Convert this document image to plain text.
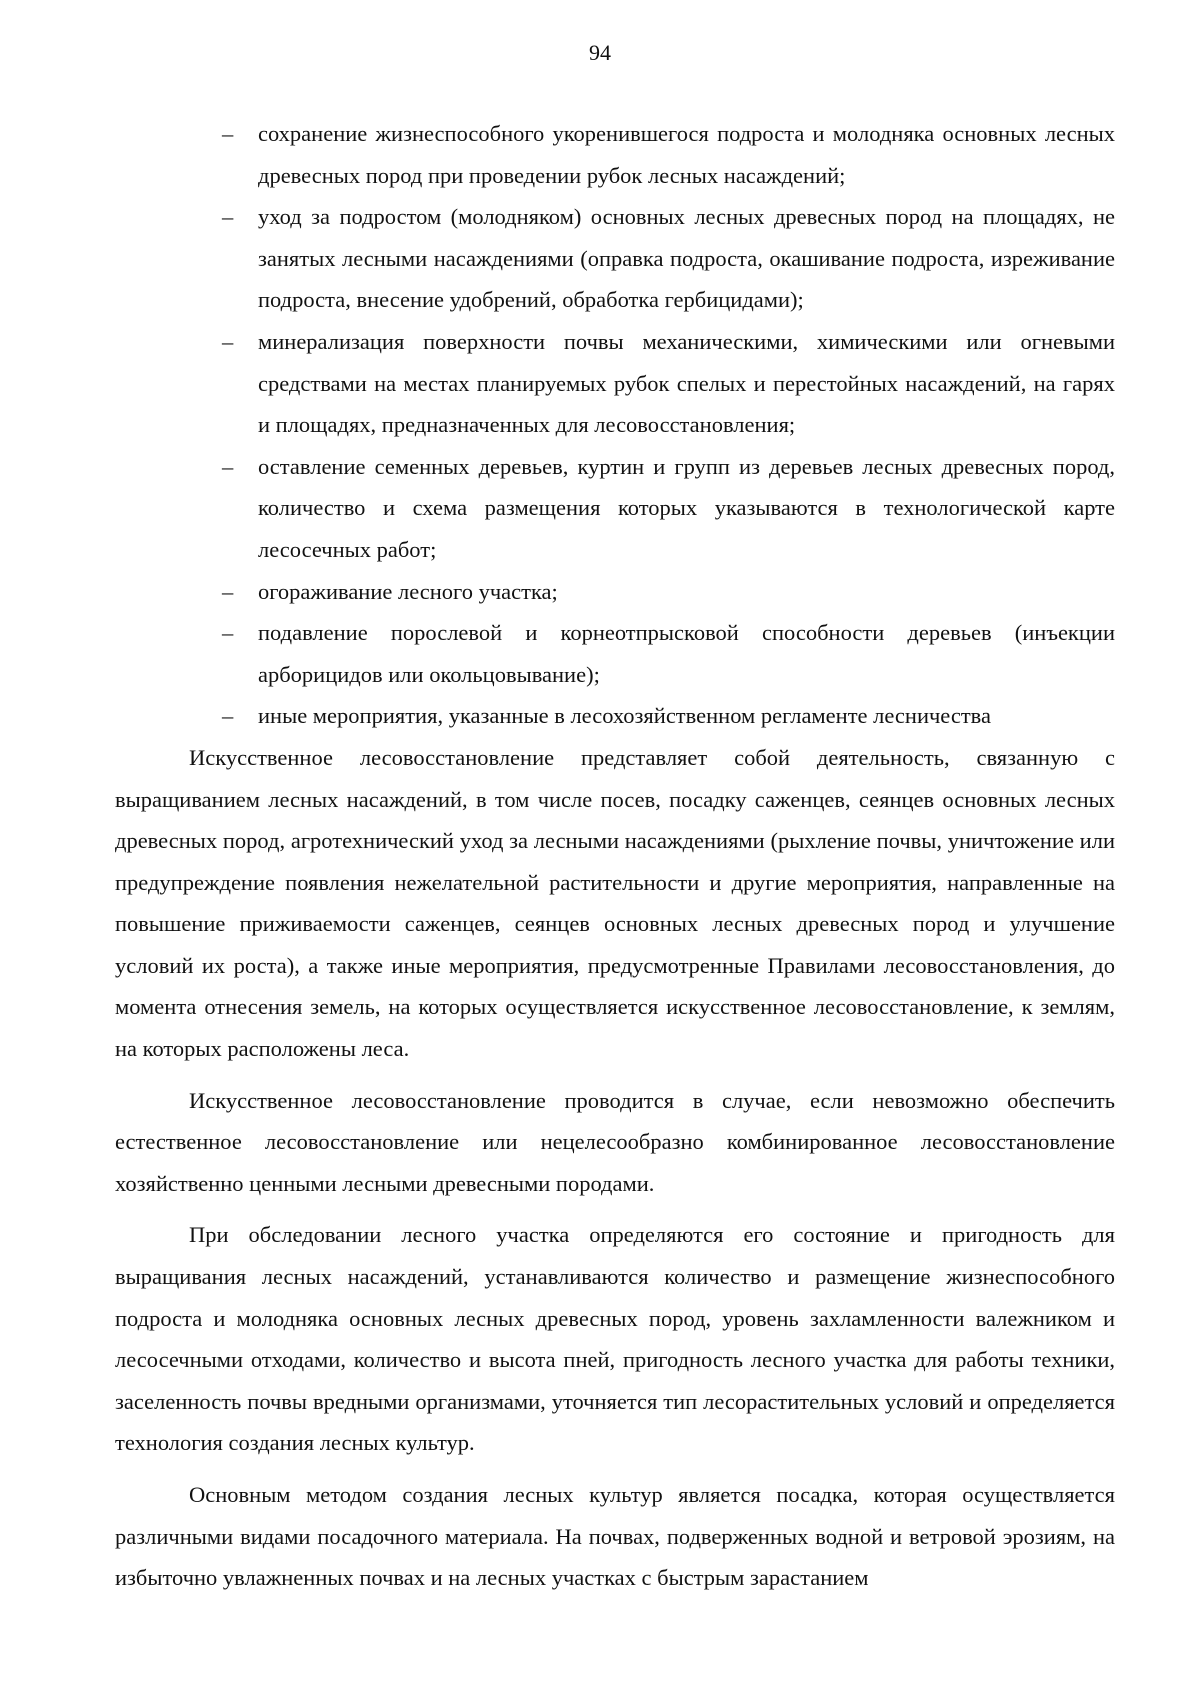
94
– сохранение жизнеспособного укоренившегося подроста и молодняка основных лесных древесных пород при проведении рубок лесных насаждений;
– уход за подростом (молодняком) основных лесных древесных пород на площадях, не занятых лесными насаждениями (оправка подроста, окашивание подроста, изреживание подроста, внесение удобрений, обработка гербицидами);
– минерализация поверхности почвы механическими, химическими или огневыми средствами на местах планируемых рубок спелых и перестойных насаждений, на гарях и площадях, предназначенных для лесовосстановления;
– оставление семенных деревьев, куртин и групп из деревьев лесных древесных пород, количество и схема размещения которых указываются в технологической карте лесосечных работ;
– огораживание лесного участка;
– подавление порослевой и корнеотпрысковой способности деревьев (инъекции арборицидов или окольцовывание);
– иные мероприятия, указанные в лесохозяйственном регламенте лесничества

Искусственное лесовосстановление представляет собой деятельность, связанную с выращиванием лесных насаждений, в том числе посев, посадку саженцев, сеянцев основных лесных древесных пород, агротехнический уход за лесными насаждениями (рыхление почвы, уничтожение или предупреждение появления нежелательной растительности и другие мероприятия, направленные на повышение приживаемости саженцев, сеянцев основных лесных древесных пород и улучшение условий их роста), а также иные мероприятия, предусмотренные Правилами лесовосстановления, до момента отнесения земель, на которых осуществляется искусственное лесовосстановление, к землям, на которых расположены леса.

Искусственное лесовосстановление проводится в случае, если невозможно обеспечить естественное лесовосстановление или нецелесообразно комбинированное лесовосстановление хозяйственно ценными лесными древесными породами.

При обследовании лесного участка определяются его состояние и пригодность для выращивания лесных насаждений, устанавливаются количество и размещение жизнеспособного подроста и молодняка основных лесных древесных пород, уровень захламленности валежником и лесосечными отходами, количество и высота пней, пригодность лесного участка для работы техники, заселенность почвы вредными организмами, уточняется тип лесорастительных условий и определяется технология создания лесных культур.

Основным методом создания лесных культур является посадка, которая осуществляется различными видами посадочного материала. На почвах, подверженных водной и ветровой эрозиям, на избыточно увлажненных почвах и на лесных участках с быстрым зарастанием
